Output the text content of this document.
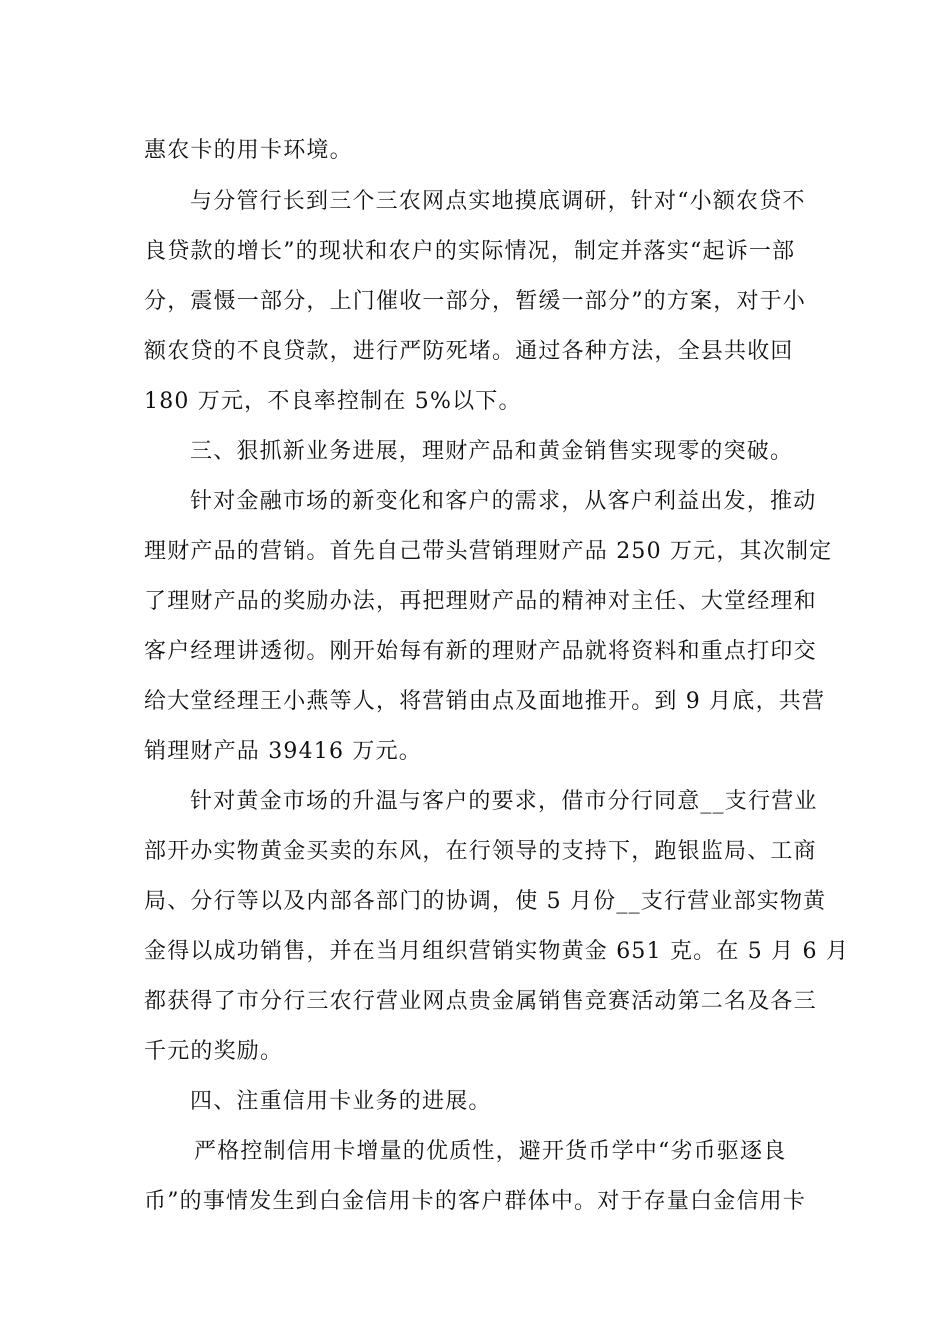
惠农卡的用卡环境。
与分管行长到三个三农网点实地摸底调研，针对“小额农贷不
良贷款的增长”的现状和农户的实际情况，制定并落实“起诉一部
分，震慑一部分，上门催收一部分，暂缓一部分”的方案，对于小
额农贷的不良贷款，进行严防死堵。通过各种方法，全县共收回
180 万元，不良率控制在 5%以下。
三、狠抓新业务进展，理财产品和黄金销售实现零的突破。
针对金融市场的新变化和客户的需求，从客户利益出发，推动
理财产品的营销。首先自己带头营销理财产品 250 万元，其次制定
了理财产品的奖励办法，再把理财产品的精神对主任、大堂经理和
客户经理讲透彻。刚开始每有新的理财产品就将资料和重点打印交
给大堂经理王小燕等人，将营销由点及面地推开。到 9 月底，共营
销理财产品 39416 万元。
针对黄金市场的升温与客户的要求，借市分行同意__支行营业
部开办实物黄金买卖的东风，在行领导的支持下，跑银监局、工商
局、分行等以及内部各部门的协调，使 5 月份__支行营业部实物黄
金得以成功销售，并在当月组织营销实物黄金 651 克。在 5 月 6 月
都获得了市分行三农行营业网点贵金属销售竞赛活动第二名及各三
千元的奖励。
四、注重信用卡业务的进展。
严格控制信用卡增量的优质性，避开货币学中“劣币驱逐良
币”的事情发生到白金信用卡的客户群体中。对于存量白金信用卡
